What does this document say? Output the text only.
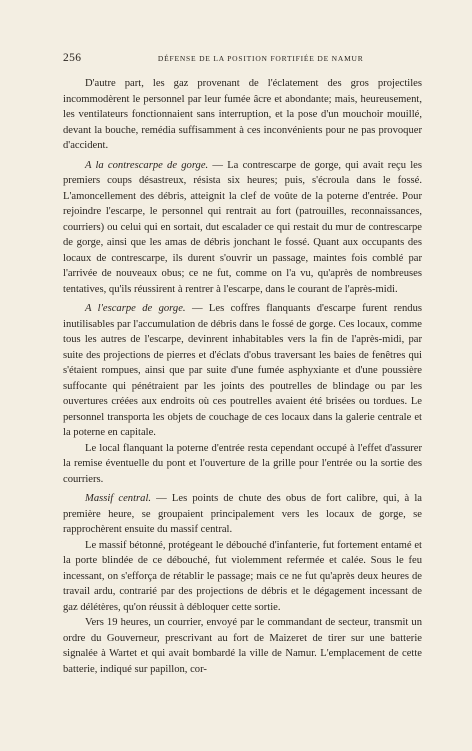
256	DÉFENSE DE LA POSITION FORTIFIÉE DE NAMUR

D'autre part, les gaz provenant de l'éclatement des gros projectiles incommodèrent le personnel par leur fumée âcre et abondante; mais, heureusement, les ventilateurs fonctionnaient sans interruption, et la pose d'un mouchoir mouillé, devant la bouche, remédia suffisamment à ces inconvénients pour ne pas provoquer d'accident.

A la contrescarpe de gorge. — La contrescarpe de gorge, qui avait reçu les premiers coups désastreux, résista six heures; puis, s'écroula dans le fossé. L'amoncellement des débris, atteignit la clef de voûte de la poterne d'entrée. Pour rejoindre l'escarpe, le personnel qui rentrait au fort (patrouilles, reconnaissances, courriers) ou celui qui en sortait, dut escalader ce qui restait du mur de contrescarpe de gorge, ainsi que les amas de débris jonchant le fossé. Quant aux occupants des locaux de contrescarpe, ils durent s'ouvrir un passage, maintes fois comblé par l'arrivée de nouveaux obus; ce ne fut, comme on l'a vu, qu'après de nombreuses tentatives, qu'ils réussirent à rentrer à l'escarpe, dans le courant de l'après-midi.

A l'escarpe de gorge. — Les coffres flanquants d'escarpe furent rendus inutilisables par l'accumulation de débris dans le fossé de gorge. Ces locaux, comme tous les autres de l'escarpe, devinrent inhabitables vers la fin de l'après-midi, par suite des projections de pierres et d'éclats d'obus traversant les baies de fenêtres qui s'étaient rompues, ainsi que par suite d'une fumée asphyxiante et d'une poussière suffocante qui pénétraient par les joints des poutrelles de blindage ou par les ouvertures créées aux endroits où ces poutrelles avaient été brisées ou tordues. Le personnel transporta les objets de couchage de ces locaux dans la galerie centrale et la poterne en capitale.

Le local flanquant la poterne d'entrée resta cependant occupé à l'effet d'assurer la remise éventuelle du pont et l'ouverture de la grille pour l'entrée ou la sortie des courriers.

Massif central. — Les points de chute des obus de fort calibre, qui, à la première heure, se groupaient principalement vers les locaux de gorge, se rapprochèrent ensuite du massif central.

Le massif bétonné, protégeant le débouché d'infanterie, fut fortement entamé et la porte blindée de ce débouché, fut violemment refermée et calée. Sous le feu incessant, on s'efforça de rétablir le passage; mais ce ne fut qu'après deux heures de travail ardu, contrarié par des projections de débris et le dégagement incessant de gaz délétères, qu'on réussit à débloquer cette sortie.

Vers 19 heures, un courrier, envoyé par le commandant de secteur, transmit un ordre du Gouverneur, prescrivant au fort de Maizeret de tirer sur une batterie signalée à Wartet et qui avait bombardé la ville de Namur. L'emplacement de cette batterie, indiqué sur papillon, cor-
